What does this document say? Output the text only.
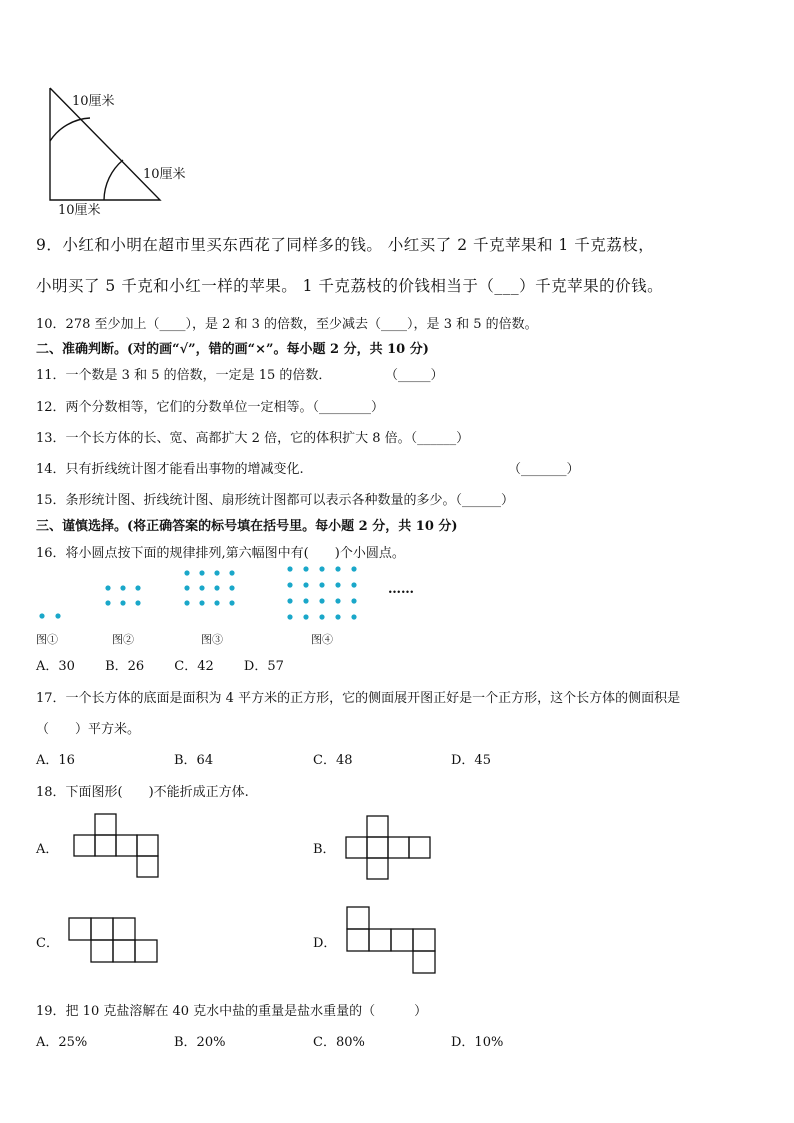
10厘米
10厘米
10厘米
9．小红和小明在超市里买东西花了同样多的钱。 小红买了 2 千克苹果和 1 千克荔枝，
小明买了 5 千克和小红一样的苹果。 1 千克荔枝的价钱相当于（___）千克苹果的价钱。
10．278 至少加上（____），是 2 和 3 的倍数，至少减去（____），是 3 和 5 的倍数。
二、准确判断。(对的画“√”，错的画“×”。每小题 2 分，共 10 分)
11．一个数是 3 和 5 的倍数，一定是 15 的倍数．	（_____）
12．两个分数相等，它们的分数单位一定相等。（________）
13．一个长方体的长、宽、高都扩大 2 倍，它的体积扩大 8 倍。（______）
14．只有折线统计图才能看出事物的增减变化.	（_______）
15．条形统计图、折线统计图、扇形统计图都可以表示各种数量的多少。（______）
三、谨慎选择。(将正确答案的标号填在括号里。每小题 2 分，共 10 分)
16．将小圆点按下面的规律排列,第六幅图中有(　　)个小圆点。
……
图①	图②	图③	图④
A．30　 　B．26　 　C．42　 　D．57
17．一个长方体的底面是面积为 4 平方米的正方形，它的侧面展开图正好是一个正方形，这个长方体的侧面积是
（　　）平方米。
A．16	B．64	C．48	D．45
18．下面图形(　　)不能折成正方体.
A．	B．
C．	D．
19．把 10 克盐溶解在 40 克水中盐的重量是盐水重量的（　　　）
A．25%	B．20%	C．80%	D．10%
